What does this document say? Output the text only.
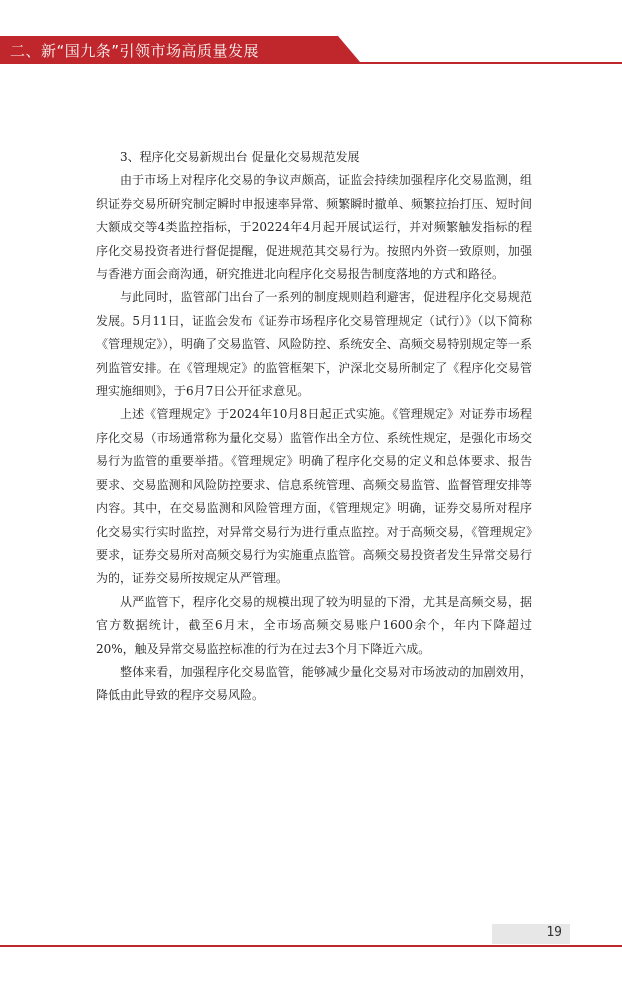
二、新“国九条”引领市场高质量发展

3、程序化交易新规出台 促量化交易规范发展

由于市场上对程序化交易的争议声颇高，证监会持续加强程序化交易监测，组织证券交易所研究制定瞬时申报速率异常、频繁瞬时撤单、频繁拉抬打压、短时间大额成交等4类监控指标，于20224年4月起开展试运行，并对频繁触发指标的程序化交易投资者进行督促提醒，促进规范其交易行为。按照内外资一致原则，加强与香港方面会商沟通，研究推进北向程序化交易报告制度落地的方式和路径。

与此同时，监管部门出台了一系列的制度规则趋利避害，促进程序化交易规范发展。5月11日，证监会发布《证券市场程序化交易管理规定（试行）》（以下简称《管理规定》），明确了交易监管、风险防控、系统安全、高频交易特别规定等一系列监管安排。在《管理规定》的监管框架下，沪深北交易所制定了《程序化交易管理实施细则》，于6月7日公开征求意见。

上述《管理规定》于2024年10月8日起正式实施。《管理规定》对证券市场程序化交易（市场通常称为量化交易）监管作出全方位、系统性规定，是强化市场交易行为监管的重要举措。《管理规定》明确了程序化交易的定义和总体要求、报告要求、交易监测和风险防控要求、信息系统管理、高频交易监管、监督管理安排等内容。其中，在交易监测和风险管理方面，《管理规定》明确，证券交易所对程序化交易实行实时监控，对异常交易行为进行重点监控。对于高频交易，《管理规定》要求，证券交易所对高频交易行为实施重点监管。高频交易投资者发生异常交易行为的，证券交易所按规定从严管理。

从严监管下，程序化交易的规模出现了较为明显的下滑，尤其是高频交易，据官方数据统计，截至6月末，全市场高频交易账户1600余个，年内下降超过20%，触及异常交易监控标准的行为在过去3个月下降近六成。

整体来看，加强程序化交易监管，能够减少量化交易对市场波动的加剧效用，降低由此导致的程序交易风险。

19
